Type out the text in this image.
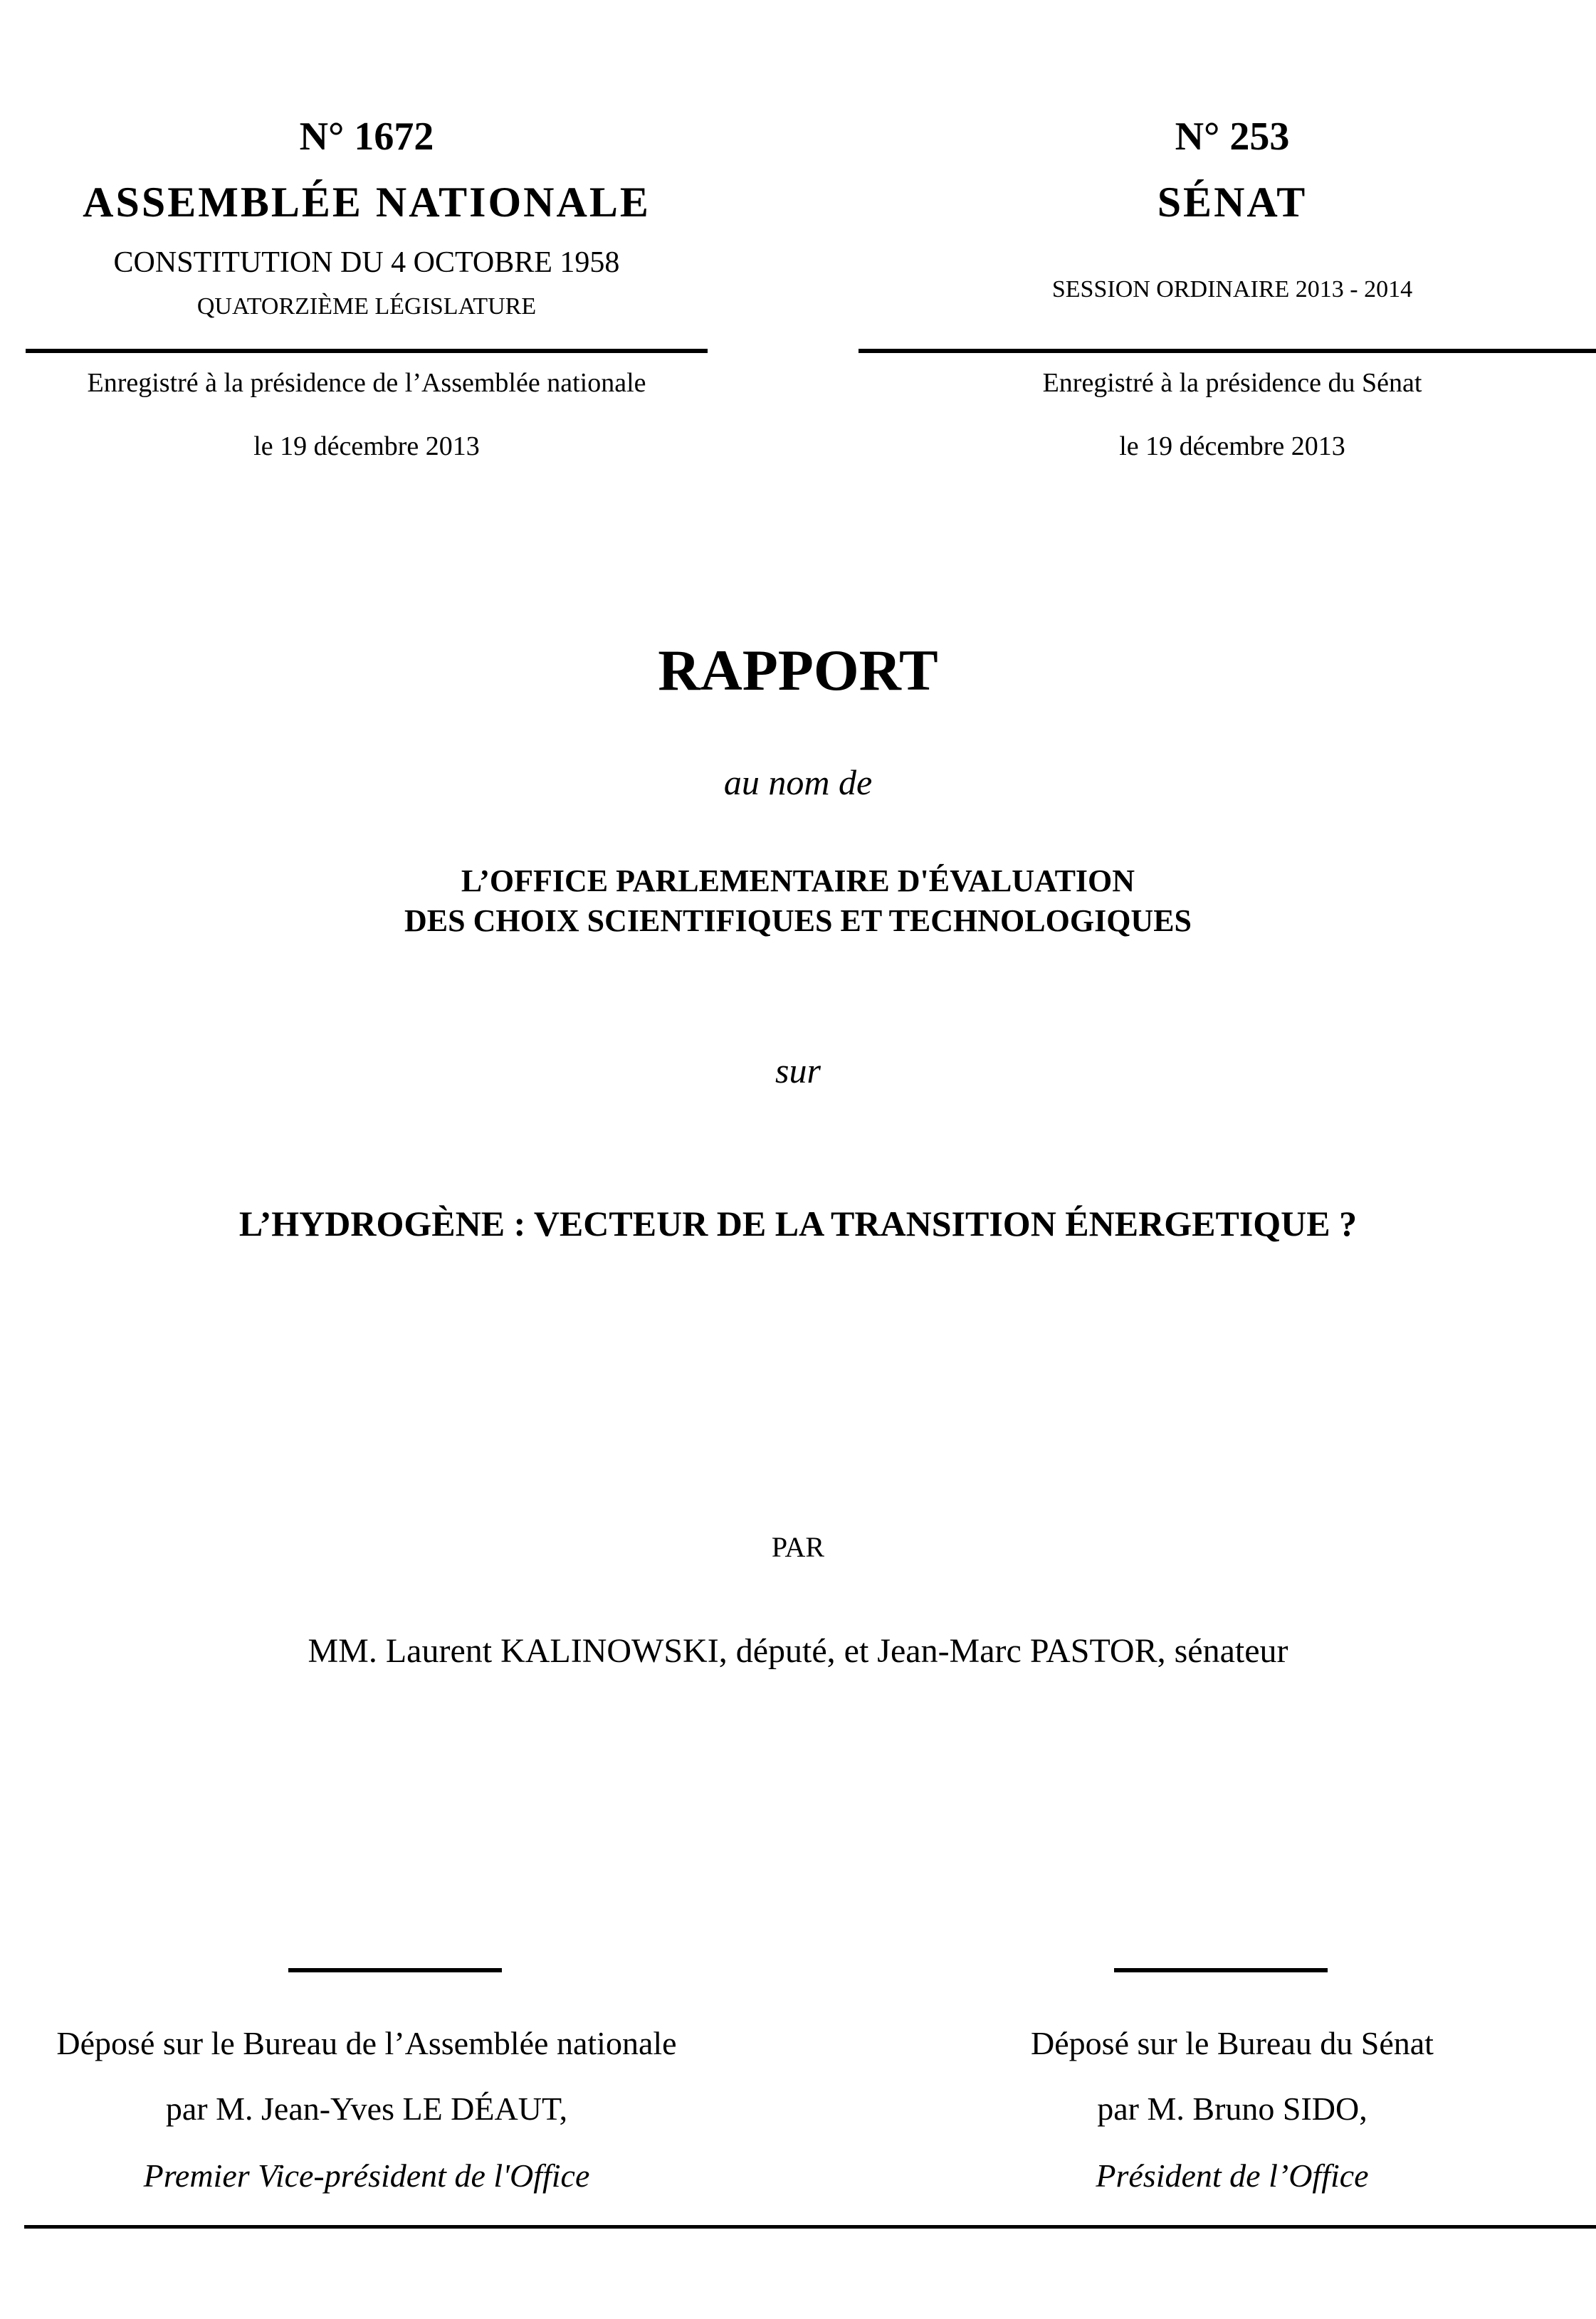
N° 1672
ASSEMBLÉE NATIONALE
CONSTITUTION DU 4 OCTOBRE 1958
QUATORZIÈME LÉGISLATURE
Enregistré à la présidence de l’Assemblée nationale
le 19 décembre 2013
N° 253
SÉNAT
SESSION ORDINAIRE 2013 - 2014
Enregistré à la présidence du Sénat
le 19 décembre 2013
RAPPORT
au nom de
L’OFFICE PARLEMENTAIRE D'ÉVALUATION
DES CHOIX SCIENTIFIQUES ET TECHNOLOGIQUES
sur
L’HYDROGÈNE : VECTEUR DE LA TRANSITION ÉNERGETIQUE ?
PAR
MM. Laurent KALINOWSKI, député, et Jean-Marc PASTOR, sénateur
Déposé sur le Bureau de l’Assemblée nationale
par M. Jean-Yves LE DÉAUT,
Premier Vice-président de l'Office
Déposé sur le Bureau du Sénat
par M. Bruno SIDO,
Président de l’Office
